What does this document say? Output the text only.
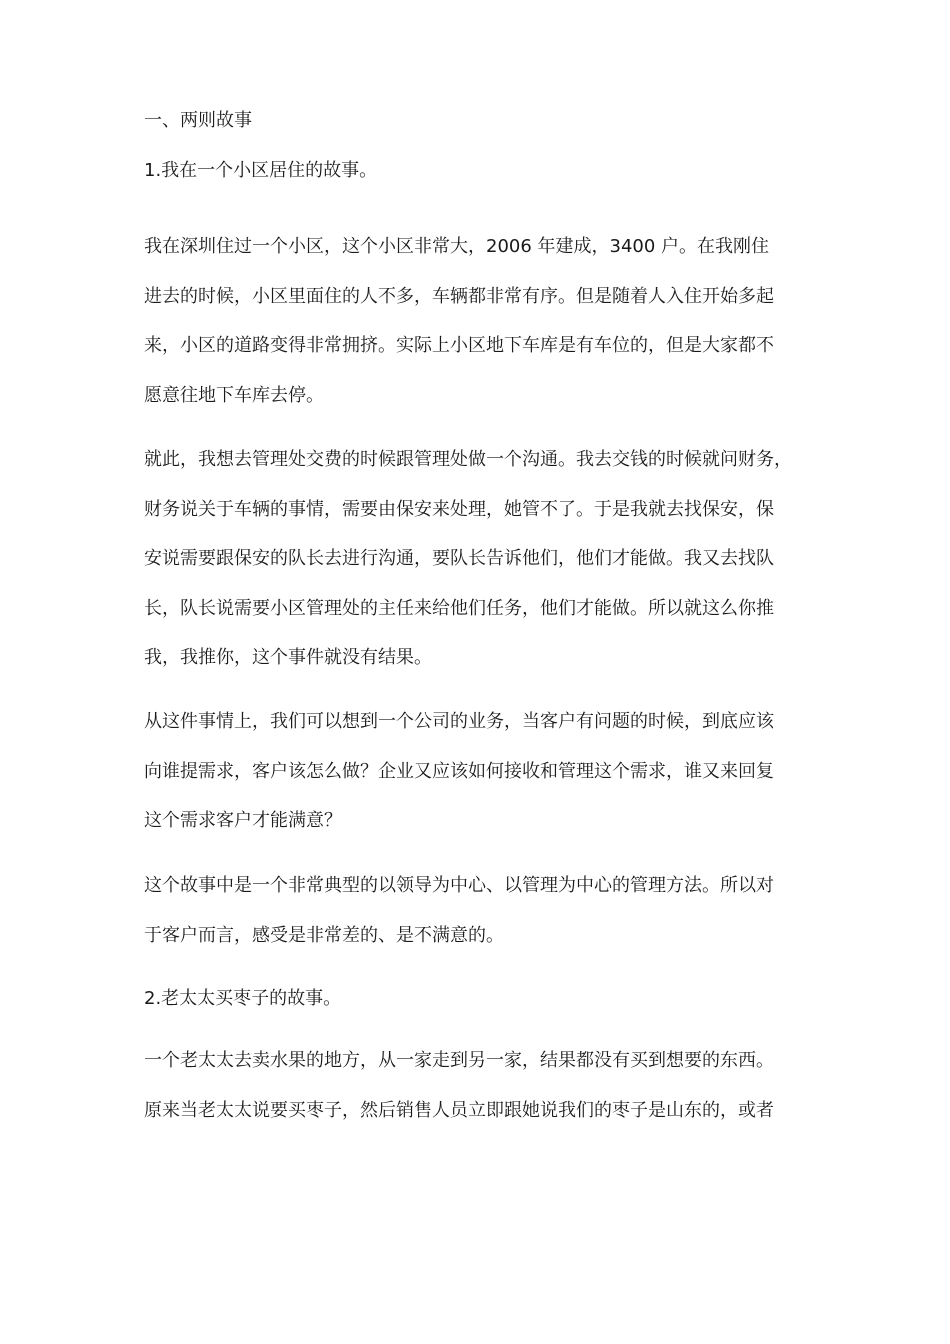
一、两则故事
1.我在一个小区居住的故事。
我在深圳住过一个小区，这个小区非常大，2006 年建成，3400 户。在我刚住
进去的时候，小区里面住的人不多，车辆都非常有序。但是随着人入住开始多起
来，小区的道路变得非常拥挤。实际上小区地下车库是有车位的，但是大家都不
愿意往地下车库去停。
就此，我想去管理处交费的时候跟管理处做一个沟通。我去交钱的时候就问财务，
财务说关于车辆的事情，需要由保安来处理，她管不了。于是我就去找保安，保
安说需要跟保安的队长去进行沟通，要队长告诉他们，他们才能做。我又去找队
长，队长说需要小区管理处的主任来给他们任务，他们才能做。所以就这么你推
我，我推你，这个事件就没有结果。
从这件事情上，我们可以想到一个公司的业务，当客户有问题的时候，到底应该
向谁提需求，客户该怎么做？企业又应该如何接收和管理这个需求，谁又来回复
这个需求客户才能满意？
这个故事中是一个非常典型的以领导为中心、以管理为中心的管理方法。所以对
于客户而言，感受是非常差的、是不满意的。
2.老太太买枣子的故事。
一个老太太去卖水果的地方，从一家走到另一家，结果都没有买到想要的东西。
原来当老太太说要买枣子，然后销售人员立即跟她说我们的枣子是山东的，或者
